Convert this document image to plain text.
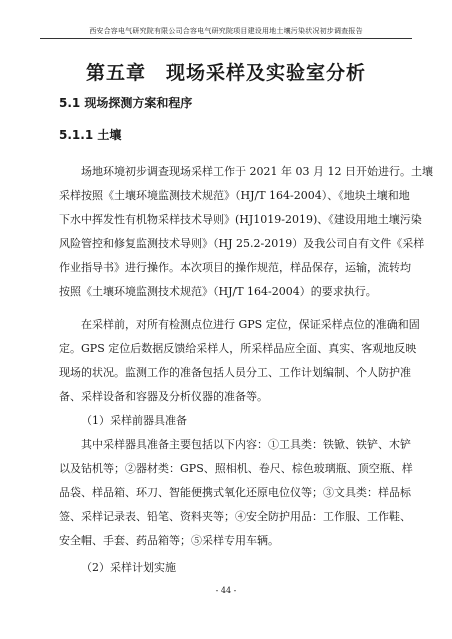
西安合容电气研究院有限公司合容电气研究院项目建设用地土壤污染状况初步调查报告
第五章　现场采样及实验室分析
5.1 现场探测方案和程序
5.1.1 土壤
场地环境初步调查现场采样工作于 2021 年 03 月 12 日开始进行。土壤
采样按照《土壤环境监测技术规范》（HJ/T 164-2004）、《地块土壤和地
下水中挥发性有机物采样技术导则》(HJ1019-2019)、《建设用地土壤污染
风险管控和修复监测技术导则》（HJ 25.2-2019）及我公司自有文件《采样
作业指导书》进行操作。本次项目的操作规范，样品保存，运输，流转均
按照《土壤环境监测技术规范》（HJ/T 164-2004）的要求执行。
在采样前，对所有检测点位进行 GPS 定位，保证采样点位的准确和固
定。GPS 定位后数据反馈给采样人，所采样品应全面、真实、客观地反映
现场的状况。监测工作的准备包括人员分工、工作计划编制、个人防护准
备、采样设备和容器及分析仪器的准备等。
（1）采样前器具准备
其中采样器具准备主要包括以下内容：①工具类：铁锨、铁铲、木铲
以及钻机等；②器材类：GPS、照相机、卷尺、棕色玻璃瓶、顶空瓶、样
品袋、样品箱、环刀、智能便携式氧化还原电位仪等；③文具类：样品标
签、采样记录表、铅笔、资料夹等；④安全防护用品：工作服、工作鞋、
安全帽、手套、药品箱等；⑤采样专用车辆。
（2）采样计划实施
- 44 -
